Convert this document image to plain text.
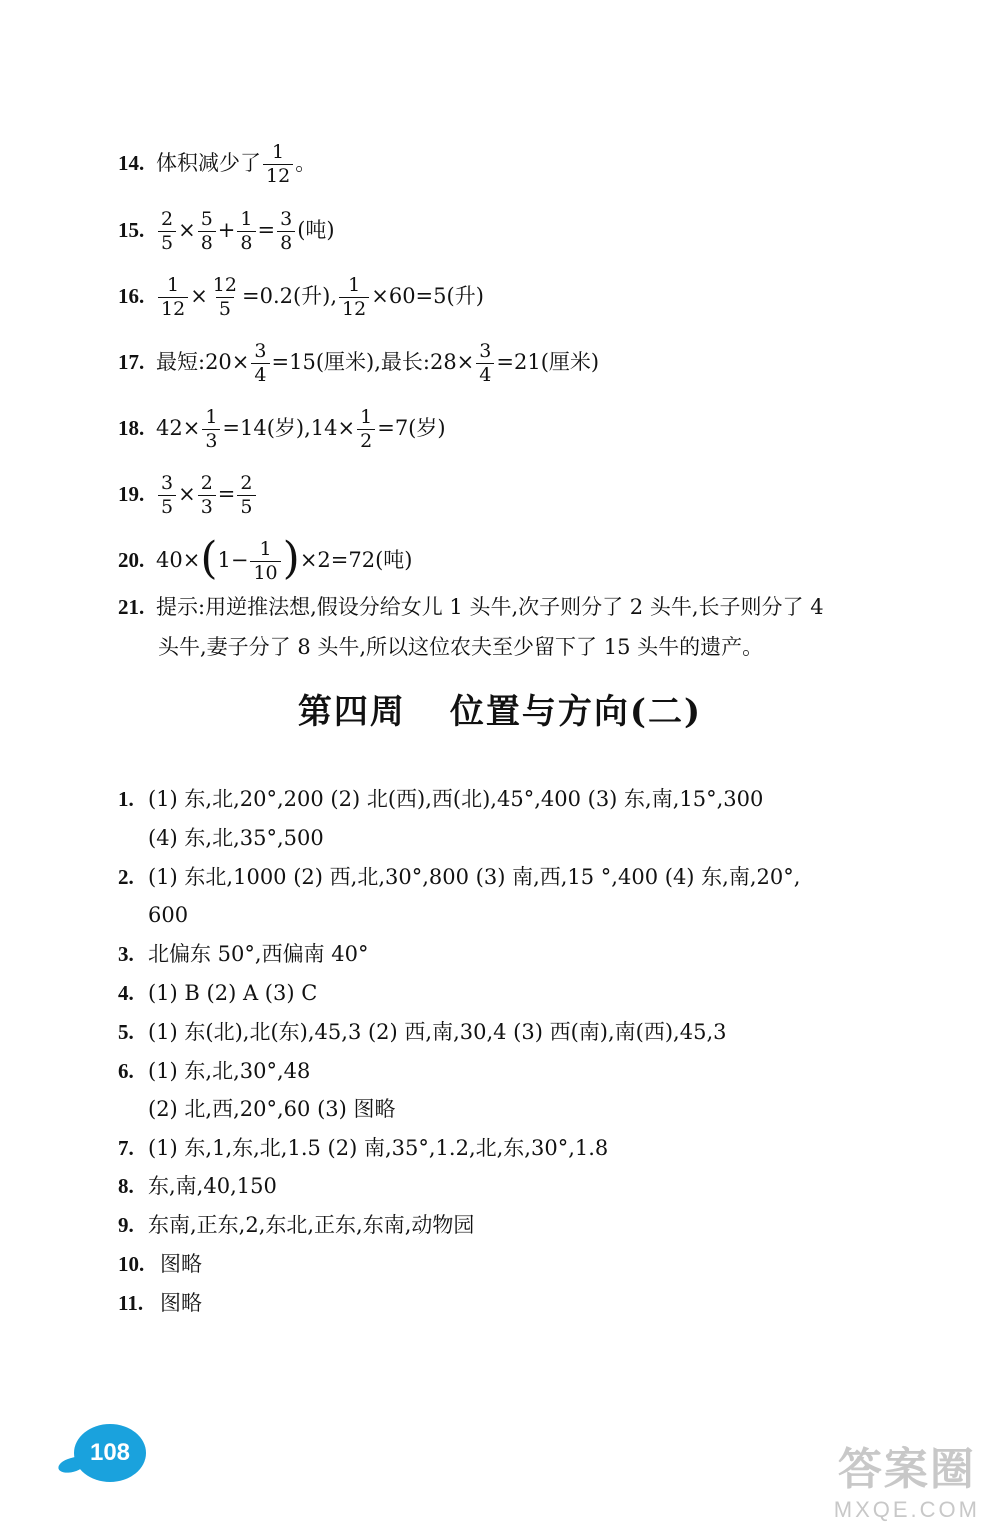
14. 体积减少了 $\frac{1}{12}$ 。
15. $\frac{2}{5} \times \frac{5}{8} + \frac{1}{8} = \frac{3}{8}$ (吨)
16. $\frac{1}{12} \times \frac{12}{5} =0.2$(升), $\frac{1}{12} \times 60=5$(升)
17. 最短:20× $\frac{3}{4} =15$(厘米),最长:28× $\frac{3}{4} =21$(厘米)
18. $42\times \frac{1}{3} =14$(岁)$,14\times \frac{1}{2} =7$(岁)
19. $\frac{3}{5} \times \frac{2}{3} = \frac{2}{5}$
20. $40\times(1- \frac{1}{10} )\times 2=72$(吨)
21. 提示:用逆推法想,假设分给女儿 1 头牛,次子则分了 2 头牛,长子则分了 4
头牛,妻子分了 8 头牛,所以这位农夫至少留下了 15 头牛的遗产。
第四周 位置与方向(二)
1. (1) 东,北,20°,200 (2) 北(西),西(北),45°,400 (3) 东,南,15°,300
(4) 东,北,35°,500
2. (1) 东北,1000 (2) 西,北,30°,800 (3) 南,西,15 °,400 (4) 东,南,20°,
600
3. 北偏东 50°,西偏南 40°
4. (1) B (2) A (3) C
5. (1) 东(北),北(东),45,3 (2) 西,南,30,4 (3) 西(南),南(西),45,3
6. (1) 东,北,30°,48
(2) 北,西,20°,60 (3) 图略
7. (1) 东,1,东,北,1.5 (2) 南,35°,1.2,北,东,30°,1.8
8. 东,南,40,150
9. 东南,正东,2,东北,正东,东南,动物园
10. 图略
11. 图略
108	答案圈
MXQE.COM
